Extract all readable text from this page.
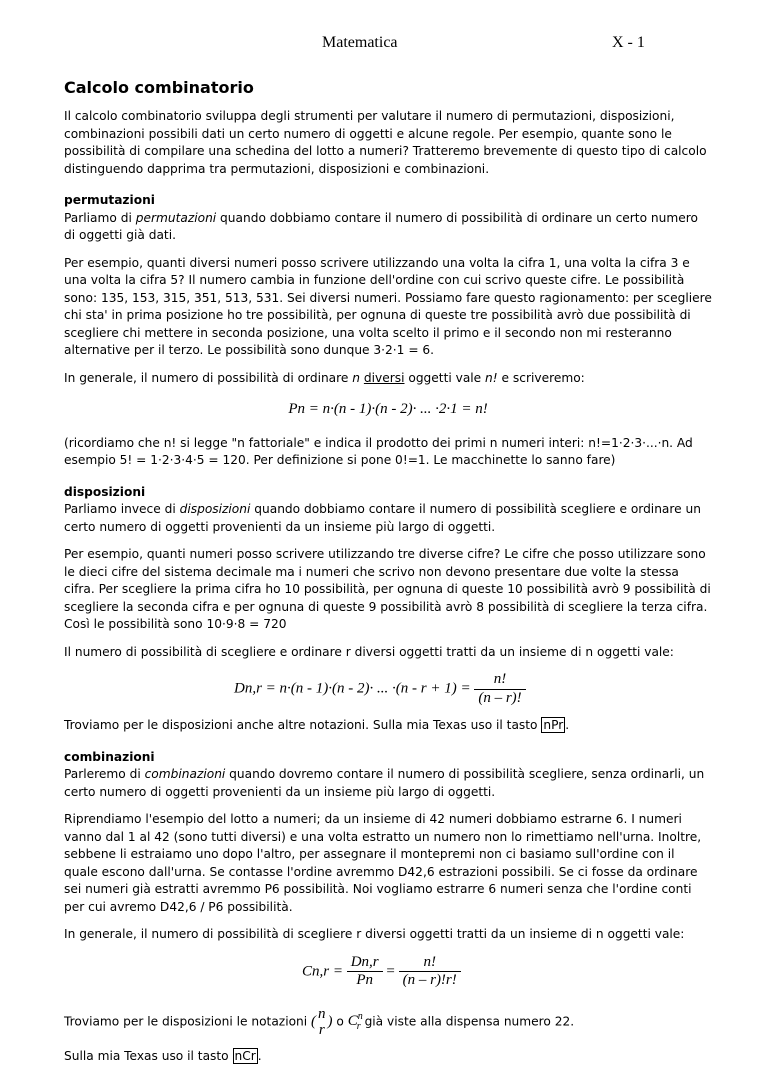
Matematica	X - 1
Calcolo combinatorio

Il calcolo combinatorio sviluppa degli strumenti per valutare il numero di permutazioni, disposizioni, combinazioni possibili dati un certo numero di oggetti e alcune regole. Per esempio, quante sono le possibilità di compilare una schedina del lotto a numeri? Tratteremo brevemente di questo tipo di calcolo distinguendo dapprima tra permutazioni, disposizioni e combinazioni.

permutazioni

Parliamo di permutazioni quando dobbiamo contare il numero di possibilità di ordinare un certo numero di oggetti già dati.

Per esempio, quanti diversi numeri posso scrivere utilizzando una volta la cifra 1, una volta la cifra 3 e una volta la cifra 5? Il numero cambia in funzione dell'ordine con cui scrivo queste cifre. Le possibilità sono: 135, 153, 315, 351, 513, 531. Sei diversi numeri. Possiamo fare questo ragionamento: per scegliere chi sta' in prima posizione ho tre possibilità, per ognuna di queste tre possibilità avrò due possibilità di scegliere chi mettere in seconda posizione, una volta scelto il primo e il secondo non mi resteranno alternative per il terzo. Le possibilità sono dunque 3·2·1 = 6.

In generale, il numero di possibilità di ordinare n diversi oggetti vale n! e scriveremo:

Pn = n·(n - 1)·(n - 2)· ... ·2·1 = n!

(ricordiamo che n! si legge "n fattoriale" e indica il prodotto dei primi n numeri interi: n!=1·2·3·...·n. Ad esempio 5! = 1·2·3·4·5 = 120. Per definizione si pone 0!=1. Le macchinette lo sanno fare)

disposizioni

Parliamo invece di disposizioni quando dobbiamo contare il numero di possibilità scegliere e ordinare un certo numero di oggetti provenienti da un insieme più largo di oggetti.

Per esempio, quanti numeri posso scrivere utilizzando tre diverse cifre? Le cifre che posso utilizzare sono le dieci cifre del sistema decimale ma i numeri che scrivo non devono presentare due volte la stessa cifra. Per scegliere la prima cifra ho 10 possibilità, per ognuna di queste 10 possibilità avrò 9 possibilità di scegliere la seconda cifra e per ognuna di queste 9 possibilità avrò 8 possibilità di scegliere la terza cifra. Così le possibilità sono 10·9·8 = 720

Il numero di possibilità di scegliere e ordinare r diversi oggetti tratti da un insieme di n oggetti vale:

Dn,r = n·(n - 1)·(n - 2)· ... $\cdot(n - r + 1) = \frac{n!}{(n - r)!}$

Troviamo per le disposizioni anche altre notazioni. Sulla mia Texas uso il tasto nPr .

combinazioni

Parleremo di combinazioni quando dovremo contare il numero di possibilità scegliere, senza ordinarli, un certo numero di oggetti provenienti da un insieme più largo di oggetti.

Riprendiamo l'esempio del lotto a numeri; da un insieme di 42 numeri dobbiamo estrarne 6. I numeri vanno dal 1 al 42 (sono tutti diversi) e una volta estratto un numero non lo rimettiamo nell'urna. Inoltre, sebbene li estraiamo uno dopo l'altro, per assegnare il montepremi non ci basiamo sull'ordine con il quale escono dall'urna. Se contasse l'ordine avremmo D42,6 estrazioni possibili. Se ci fosse da ordinare sei numeri già estratti avremmo P6 possibilità. Noi vogliamo estrarre 6 numeri senza che l'ordine conti per cui avremo D42,6 / P6 possibilità.

In generale, il numero di possibilità di scegliere r diversi oggetti tratti da un insieme di n oggetti vale:

$Cn,r = \frac{Dn,r}{Pn} = \frac{n!}{(n - r)!r!}$

Troviamo per le disposizioni le notazioni ( n
r) o $C^n_r$ già viste alla dispensa numero 22.

Sulla mia Texas uso il tasto nCr .
